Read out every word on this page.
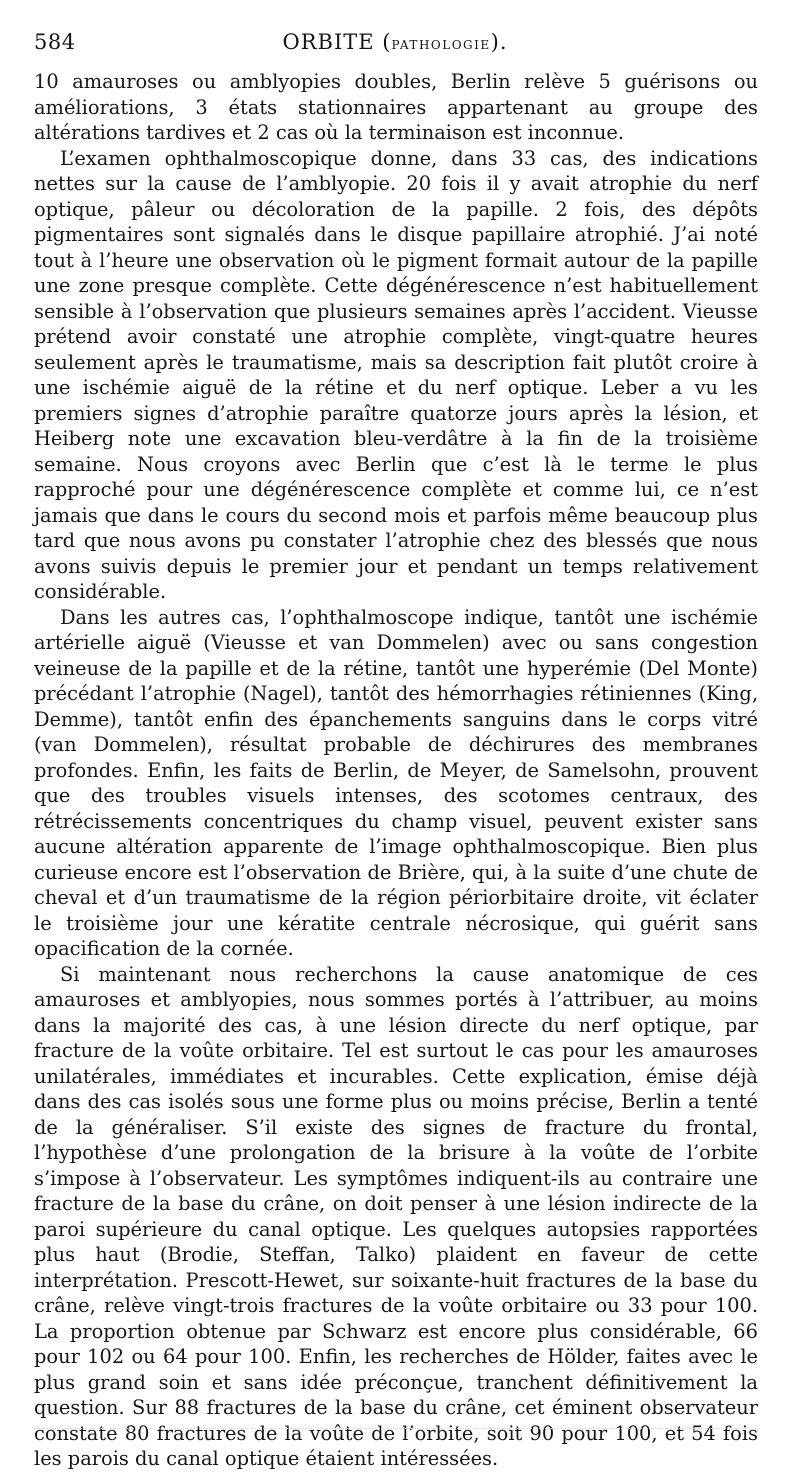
584	ORBITE (pathologie).

10 amauroses ou amblyopies doubles, Berlin relève 5 guérisons ou améliorations, 3 états stationnaires appartenant au groupe des altérations tardives et 2 cas où la terminaison est inconnue.

L’examen ophthalmoscopique donne, dans 33 cas, des indications nettes sur la cause de l’amblyopie. 20 fois il y avait atrophie du nerf optique, pâleur ou décoloration de la papille. 2 fois, des dépôts pigmentaires sont signalés dans le disque papillaire atrophié. J’ai noté tout à l’heure une observation où le pigment formait autour de la papille une zone presque complète. Cette dégénérescence n’est habituellement sensible à l’observation que plusieurs semaines après l’accident. Vieusse prétend avoir constaté une atrophie complète, vingt-quatre heures seulement après le traumatisme, mais sa description fait plutôt croire à une ischémie aiguë de la rétine et du nerf optique. Leber a vu les premiers signes d’atrophie paraître quatorze jours après la lésion, et Heiberg note une excavation bleu-verdâtre à la fin de la troisième semaine. Nous croyons avec Berlin que c’est là le terme le plus rapproché pour une dégénérescence complète et comme lui, ce n’est jamais que dans le cours du second mois et parfois même beaucoup plus tard que nous avons pu constater l’atrophie chez des blessés que nous avons suivis depuis le premier jour et pendant un temps relativement considérable.

Dans les autres cas, l’ophthalmoscope indique, tantôt une ischémie artérielle aiguë (Vieusse et van Dommelen) avec ou sans congestion veineuse de la papille et de la rétine, tantôt une hyperémie (Del Monte) précédant l’atrophie (Nagel), tantôt des hémorrhagies rétiniennes (King, Demme), tantôt enfin des épanchements sanguins dans le corps vitré (van Dommelen), résultat probable de déchirures des membranes profondes. Enfin, les faits de Berlin, de Meyer, de Samelsohn, prouvent que des troubles visuels intenses, des scotomes centraux, des rétrécissements concentriques du champ visuel, peuvent exister sans aucune altération apparente de l’image ophthalmoscopique. Bien plus curieuse encore est l’observation de Brière, qui, à la suite d’une chute de cheval et d’un traumatisme de la région périorbitaire droite, vit éclater le troisième jour une kératite centrale nécrosique, qui guérit sans opacification de la cornée.

Si maintenant nous recherchons la cause anatomique de ces amauroses et amblyopies, nous sommes portés à l’attribuer, au moins dans la majorité des cas, à une lésion directe du nerf optique, par fracture de la voûte orbitaire. Tel est surtout le cas pour les amauroses unilatérales, immédiates et incurables. Cette explication, émise déjà dans des cas isolés sous une forme plus ou moins précise, Berlin a tenté de la généraliser. S’il existe des signes de fracture du frontal, l’hypothèse d’une prolongation de la brisure à la voûte de l’orbite s’impose à l’observateur. Les symptômes indiquent-ils au contraire une fracture de la base du crâne, on doit penser à une lésion indirecte de la paroi supérieure du canal optique. Les quelques autopsies rapportées plus haut (Brodie, Steffan, Talko) plaident en faveur de cette interprétation. Prescott-Hewet, sur soixante-huit fractures de la base du crâne, relève vingt-trois fractures de la voûte orbitaire ou 33 pour 100. La proportion obtenue par Schwarz est encore plus considérable, 66 pour 102 ou 64 pour 100. Enfin, les recherches de Hölder, faites avec le plus grand soin et sans idée préconçue, tranchent définitivement la question. Sur 88 fractures de la base du crâne, cet éminent observateur constate 80 fractures de la voûte de l’orbite, soit 90 pour 100, et 54 fois les parois du canal optique étaient intéressées.
